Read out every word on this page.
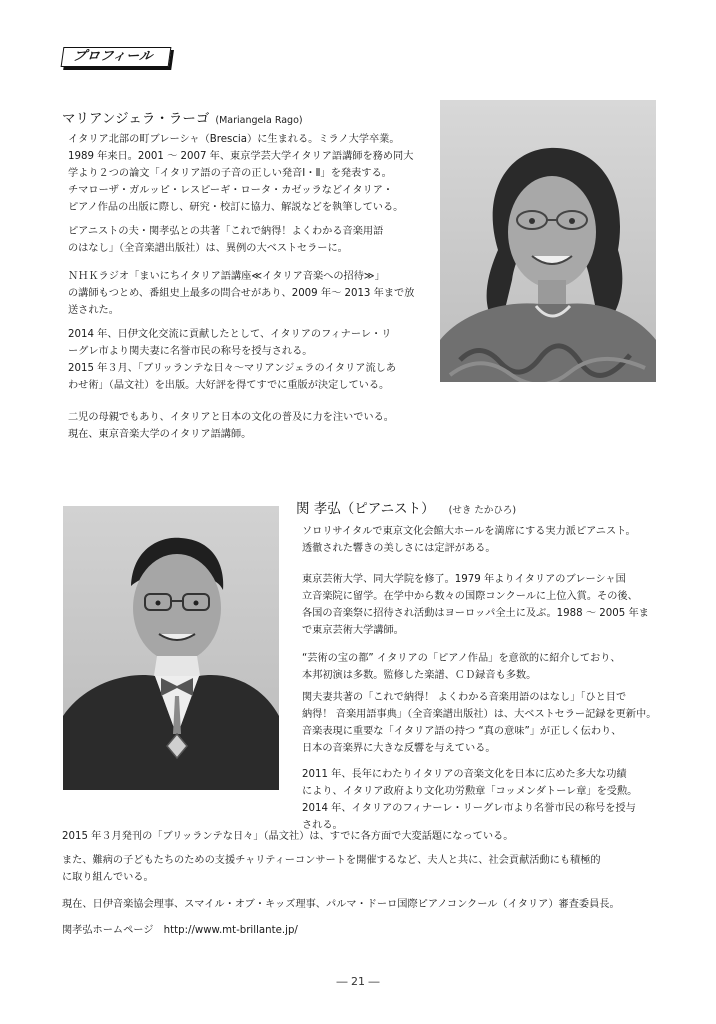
プロフィール
マリアンジェラ・ラーゴ (Mariangela Rago)
イタリア北部の町ブレーシャ（Brescia）に生まれる。ミラノ大学卒業。
1989 年来日。2001 ～ 2007 年、東京学芸大学イタリア語講師を務め同大
学より２つの論文「イタリア語の子音の正しい発音Ⅰ・Ⅱ」を発表する。
チマローザ・ガルッピ・レスピーギ・ロータ・カゼッラなどイタリア・
ピアノ作品の出版に際し、研究・校訂に協力、解説などを執筆している。
ピアニストの夫・関孝弘との共著「これで納得！よくわかる音楽用語
のはなし」（全音楽譜出版社）は、異例の大ベストセラーに。
ＮＨＫラジオ「まいにちイタリア語講座≪イタリア音楽への招待≫」
の講師もつとめ、番組史上最多の問合せがあり、2009 年～ 2013 年まで放
送された。
2014 年、日伊文化交流に貢献したとして、イタリアのフィナーレ・リ
ーグレ市より関夫妻に名誉市民の称号を授与される。
2015 年３月、「ブリッランテな日々～マリアンジェラのイタリア流しあ
わせ術」（晶文社）を出版。大好評を得てすでに重版が決定している。
二児の母親でもあり、イタリアと日本の文化の普及に力を注いでいる。
現在、東京音楽大学のイタリア語講師。
関 孝弘（ピアニスト） (せき たかひろ)
ソロリサイタルで東京文化会館大ホールを満席にする実力派ピアニスト。
透徹された響きの美しさには定評がある。
東京芸術大学、同大学院を修了。1979 年よりイタリアのブレーシャ国
立音楽院に留学。在学中から数々の国際コンクールに上位入賞。その後、
各国の音楽祭に招待され活動はヨーロッパ全土に及ぶ。1988 ～ 2005 年ま
で東京芸術大学講師。
“芸術の宝の都” イタリアの「ピアノ作品」を意欲的に紹介しており、
本邦初演は多数。監修した楽譜、ＣＤ録音も多数。
関夫妻共著の「これで納得！ よくわかる音楽用語のはなし」「ひと目で
納得！ 音楽用語事典」（全音楽譜出版社）は、大ベストセラー記録を更新中。
音楽表現に重要な「イタリア語の持つ “真の意味”」が正しく伝わり、
日本の音楽界に大きな反響を与えている。
2011 年、長年にわたりイタリアの音楽文化を日本に広めた多大な功績
により、イタリア政府より文化功労勲章「コッメンダトーレ章」を受勲。
2014 年、イタリアのフィナーレ・リーグレ市より名誉市民の称号を授与
される。
2015 年３月発刊の「ブリッランテな日々」（晶文社）は、すでに各方面で大変話題になっている。
また、難病の子どもたちのための支援チャリティーコンサートを開催するなど、夫人と共に、社会貢献活動にも積極的
に取り組んでいる。
現在、日伊音楽協会理事、スマイル・オブ・キッズ理事、パルマ・ドーロ国際ピアノコンクール（イタリア）審査委員長。
関孝弘ホームページ　http://www.mt-brillante.jp/
― 21 ―
